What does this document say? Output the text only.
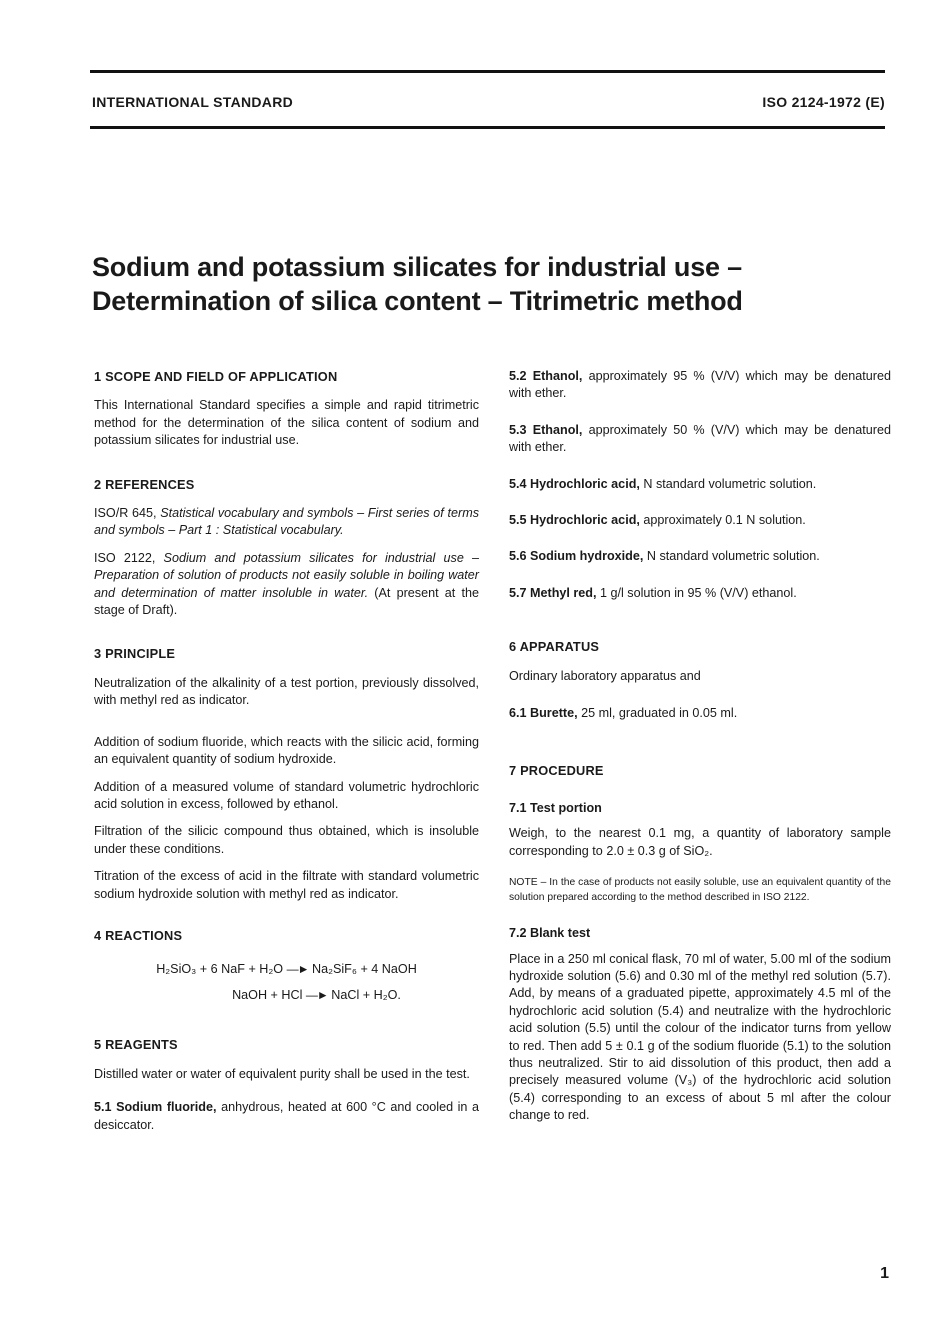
INTERNATIONAL STANDARD	ISO 2124-1972 (E)
Sodium and potassium silicates for industrial use –
Determination of silica content – Titrimetric method
1 SCOPE AND FIELD OF APPLICATION

This International Standard specifies a simple and rapid titrimetric method for the determination of the silica content of sodium and potassium silicates for industrial use.

2 REFERENCES

ISO/R 645, Statistical vocabulary and symbols – First series of terms and symbols – Part 1 : Statistical vocabulary.

ISO 2122, Sodium and potassium silicates for industrial use – Preparation of solution of products not easily soluble in boiling water and determination of matter insoluble in water. (At present at the stage of Draft).

3 PRINCIPLE

Neutralization of the alkalinity of a test portion, previously dissolved, with methyl red as indicator.

Addition of sodium fluoride, which reacts with the silicic acid, forming an equivalent quantity of sodium hydroxide.

Addition of a measured volume of standard volumetric hydrochloric acid solution in excess, followed by ethanol.

Filtration of the silicic compound thus obtained, which is insoluble under these conditions.

Titration of the excess of acid in the filtrate with standard volumetric sodium hydroxide solution with methyl red as indicator.

4 REACTIONS
H₂SiO₃ + 6 NaF + H₂O —► Na₂SiF₆ + 4 NaOH
NaOH + HCl —► NaCl + H₂O.
5 REAGENTS

Distilled water or water of equivalent purity shall be used in the test.

5.1 Sodium fluoride, anhydrous, heated at 600 °C and cooled in a desiccator.

5.2 Ethanol, approximately 95 % (V/V) which may be denatured with ether.
5.3 Ethanol, approximately 50 % (V/V) which may be denatured with ether.
5.4 Hydrochloric acid, N standard volumetric solution.
5.5 Hydrochloric acid, approximately 0.1 N solution.
5.6 Sodium hydroxide, N standard volumetric solution.
5.7 Methyl red, 1 g/l solution in 95 % (V/V) ethanol.
6 APPARATUS

Ordinary laboratory apparatus and

6.1 Burette, 25 ml, graduated in 0.05 ml.

7 PROCEDURE
7.1 Test portion

Weigh, to the nearest 0.1 mg, a quantity of laboratory sample corresponding to 2.0 ± 0.3 g of SiO₂.

NOTE – In the case of products not easily soluble, use an equivalent quantity of the solution prepared according to the method described in ISO 2122.

7.2 Blank test

Place in a 250 ml conical flask, 70 ml of water, 5.00 ml of the sodium hydroxide solution (5.6) and 0.30 ml of the methyl red solution (5.7). Add, by means of a graduated pipette, approximately 4.5 ml of the hydrochloric acid solution (5.4) and neutralize with the hydrochloric acid solution (5.5) until the colour of the indicator turns from yellow to red. Then add 5 ± 0.1 g of the sodium fluoride (5.1) to the solution thus neutralized. Stir to aid dissolution of this product, then add a precisely measured volume (V₃) of the hydrochloric acid solution (5.4) corresponding to an excess of about 5 ml after the colour change to red.

1
